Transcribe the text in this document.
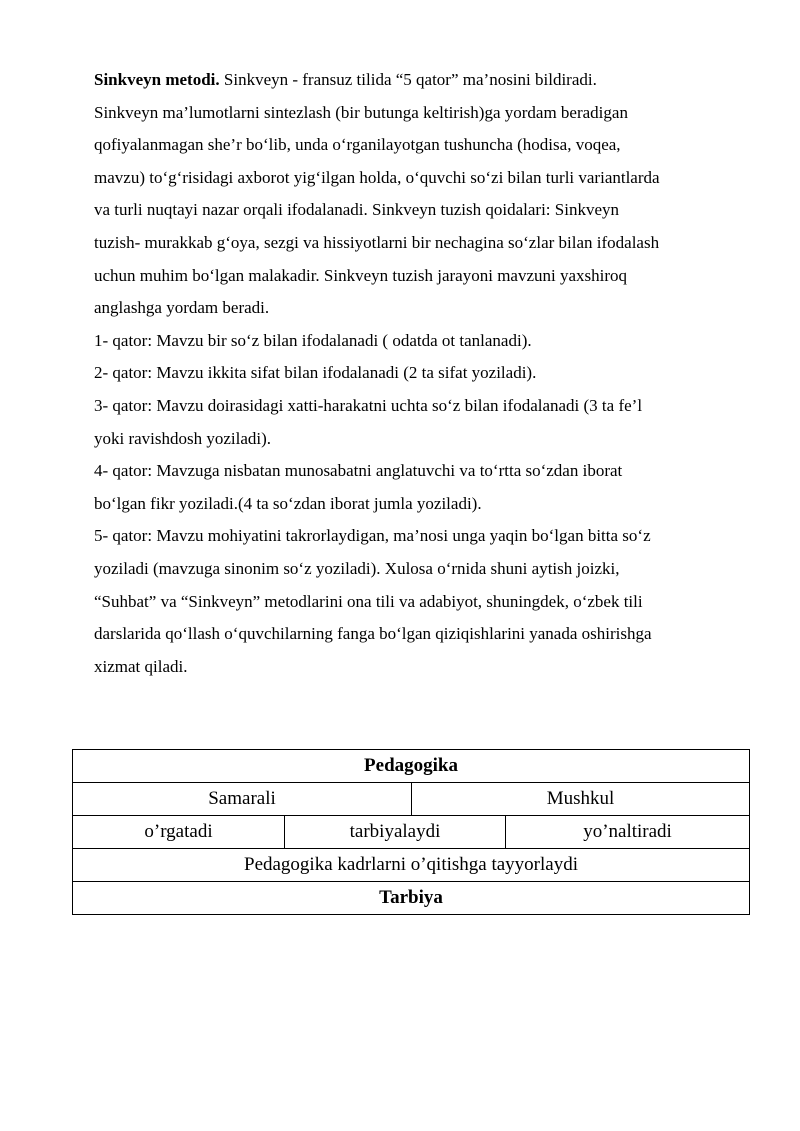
Sinkveyn metodi. Sinkveyn - fransuz tilida “5 qator” ma’nosini bildiradi.
Sinkveyn ma’lumotlarni sintezlash (bir butunga keltirish)ga yordam beradigan
qofiyalanmagan she’r bo‘lib, unda o‘rganilayotgan tushuncha (hodisa, voqea,
mavzu) to‘g‘risidagi axborot yig‘ilgan holda, o‘quvchi so‘zi bilan turli variantlarda
va turli nuqtayi nazar orqali ifodalanadi. Sinkveyn tuzish qoidalari: Sinkveyn
tuzish- murakkab g‘oya, sezgi va hissiyotlarni bir nechagina so‘zlar bilan ifodalash
uchun muhim bo‘lgan malakadir. Sinkveyn tuzish jarayoni mavzuni yaxshiroq
anglashga yordam beradi.
1- qator: Mavzu bir so‘z bilan ifodalanadi ( odatda ot tanlanadi).
2- qator: Mavzu ikkita sifat bilan ifodalanadi (2 ta sifat yoziladi).
3- qator: Mavzu doirasidagi xatti-harakatni uchta so‘z bilan ifodalanadi (3 ta fe’l
yoki ravishdosh yoziladi).
4- qator: Mavzuga nisbatan munosabatni anglatuvchi va to‘rtta so‘zdan iborat
bo‘lgan fikr yoziladi.(4 ta so‘zdan iborat jumla yoziladi).
5- qator: Mavzu mohiyatini takrorlaydigan, ma’nosi unga yaqin bo‘lgan bitta so‘z
yoziladi (mavzuga sinonim so‘z yoziladi). Xulosa o‘rnida shuni aytish joizki,
“Suhbat” va “Sinkveyn” metodlarini ona tili va adabiyot, shuningdek, o‘zbek tili
darslarida qo‘llash o‘quvchilarning fanga bo‘lgan qiziqishlarini yanada oshirishga
xizmat qiladi.
Pedagogika			
Samarali		Mushkul	
o’rgatadi	tarbiyalaydi		yo’naltiradi
Pedagogika kadrlarni o’qitishga tayyorlaydi			
Tarbiya			
